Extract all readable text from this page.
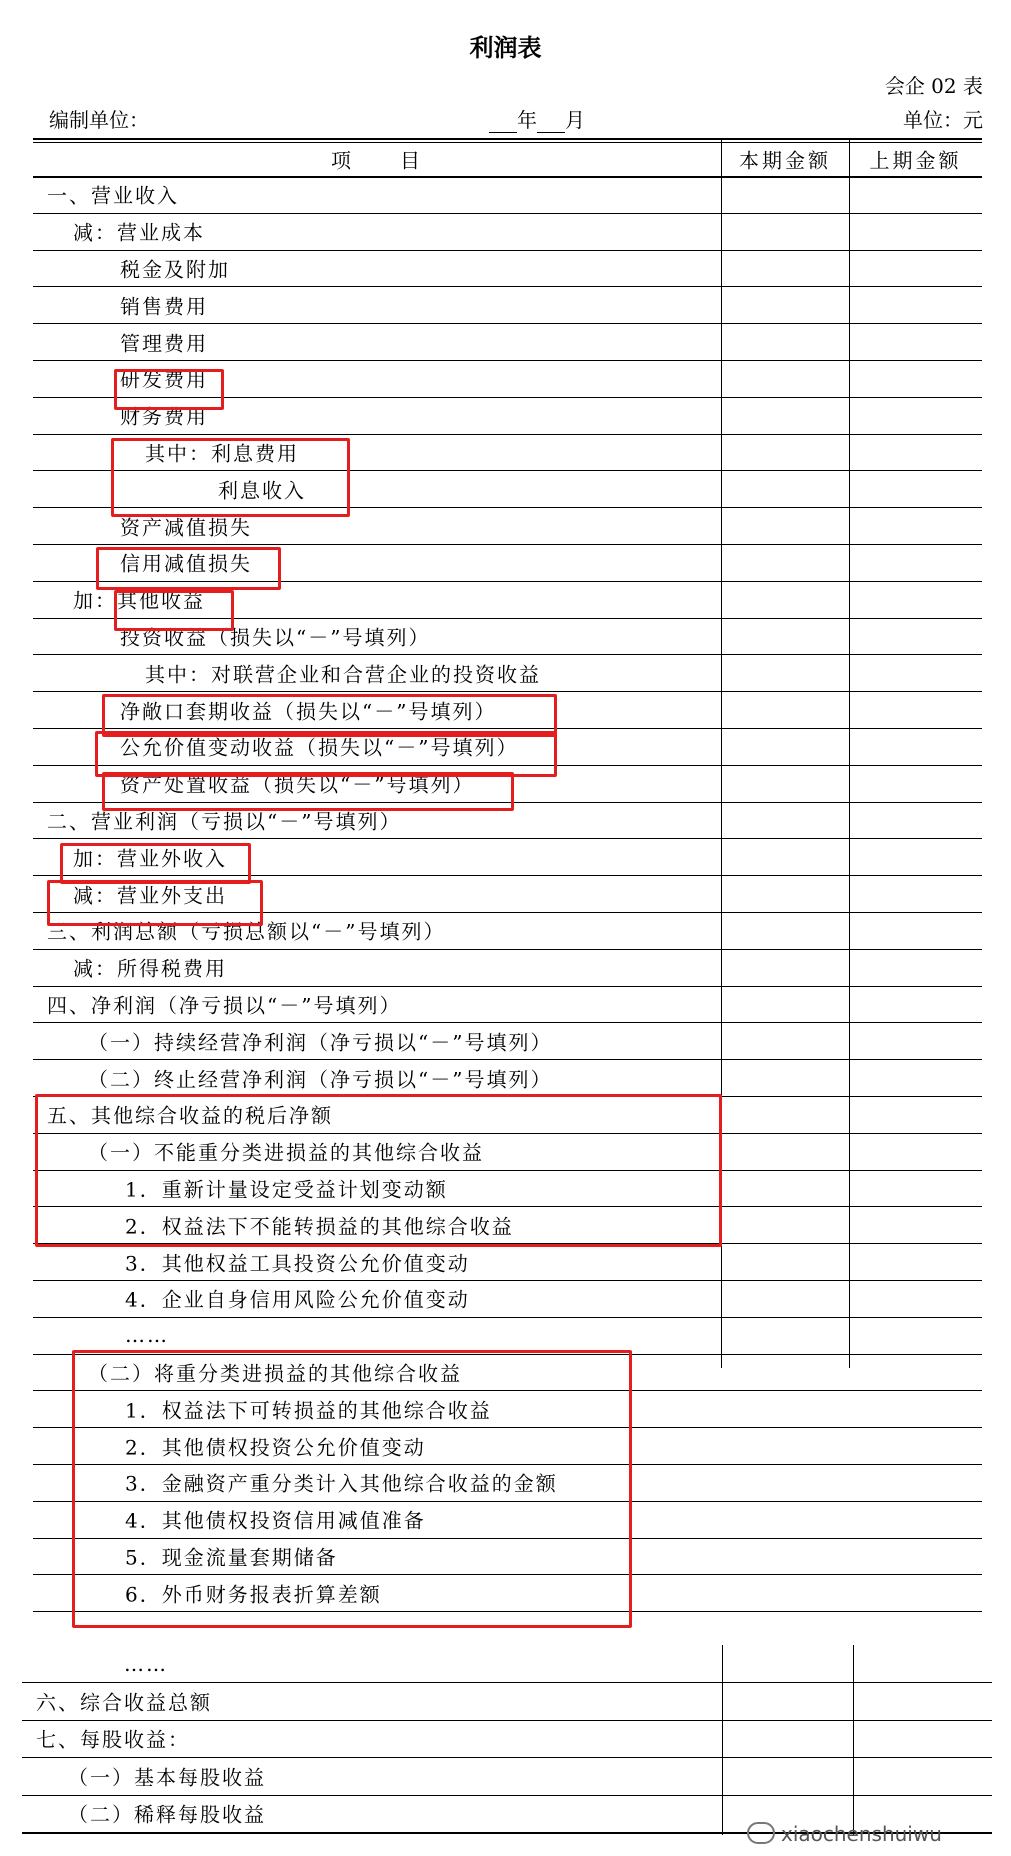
利润表
会企 02 表
编制单位：	年 月	单位：元
项　　目	本期金额	上期金额
一、营业收入
减：营业成本
税金及附加
销售费用
管理费用
研发费用
财务费用
其中：利息费用
利息收入
资产减值损失
信用减值损失
加：其他收益
投资收益（损失以“－”号填列）
其中：对联营企业和合营企业的投资收益
净敞口套期收益（损失以“－”号填列）
公允价值变动收益（损失以“－”号填列）
资产处置收益（损失以“－”号填列）
二、营业利润（亏损以“－”号填列）
加：营业外收入
减：营业外支出
三、利润总额（亏损总额以“－”号填列）
减：所得税费用
四、净利润（净亏损以“－”号填列）
（一）持续经营净利润（净亏损以“－”号填列）
（二）终止经营净利润（净亏损以“－”号填列）
五、其他综合收益的税后净额
（一）不能重分类进损益的其他综合收益
1．重新计量设定受益计划变动额
2．权益法下不能转损益的其他综合收益
3．其他权益工具投资公允价值变动
4．企业自身信用风险公允价值变动
……
（二）将重分类进损益的其他综合收益
1．权益法下可转损益的其他综合收益
2．其他债权投资公允价值变动
3．金融资产重分类计入其他综合收益的金额
4．其他债权投资信用减值准备
5．现金流量套期储备
6．外币财务报表折算差额
……
六、综合收益总额
七、每股收益：
（一）基本每股收益
（二）稀释每股收益
xiaochenshuiwu
